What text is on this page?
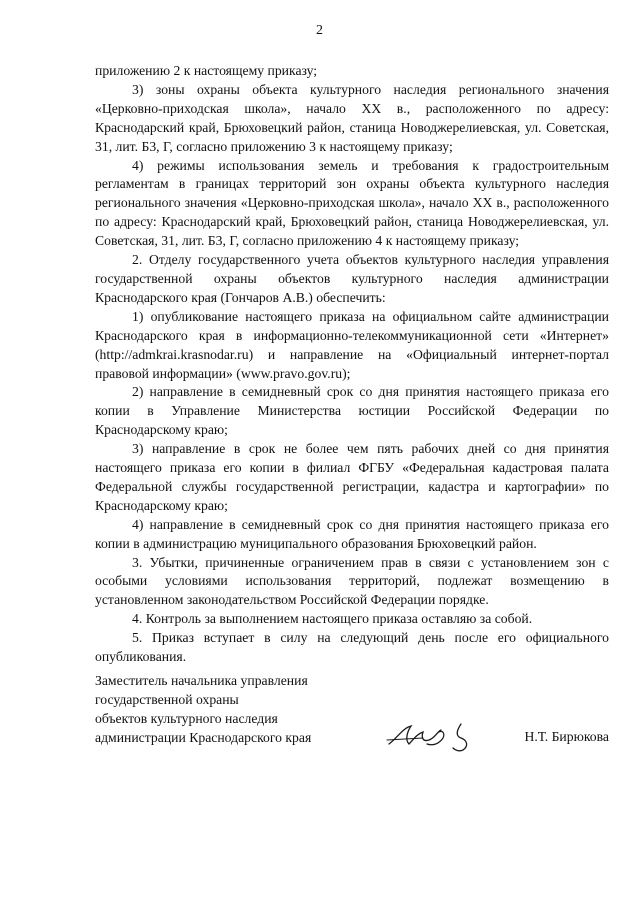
2

приложению 2 к настоящему приказу;

3) зоны охраны объекта культурного наследия регионального значения «Церковно-приходская школа», начало XX в., расположенного по адресу: Краснодарский край, Брюховецкий район, станица Новоджерелиевская, ул. Советская, 31, лит. Б3, Г, согласно приложению 3 к настоящему приказу;

4) режимы использования земель и требования к градостроительным регламентам в границах территорий зон охраны объекта культурного наследия регионального значения «Церковно-приходская школа», начало XX в., расположенного по адресу: Краснодарский край, Брюховецкий район, станица Новоджерелиевская, ул. Советская, 31, лит. Б3, Г, согласно приложению 4 к настоящему приказу;

2. Отделу государственного учета объектов культурного наследия управления государственной охраны объектов культурного наследия администрации Краснодарского края (Гончаров А.В.) обеспечить:

1) опубликование настоящего приказа на официальном сайте администрации Краснодарского края в информационно-телекоммуникационной сети «Интернет» (http://admkrai.krasnodar.ru) и направление на «Официальный интернет-портал правовой информации» (www.pravo.gov.ru);

2) направление в семидневный срок со дня принятия настоящего приказа его копии в Управление Министерства юстиции Российской Федерации по Краснодарскому краю;

3) направление в срок не более чем пять рабочих дней со дня принятия настоящего приказа его копии в филиал ФГБУ «Федеральная кадастровая палата Федеральной службы государственной регистрации, кадастра и картографии» по Краснодарскому краю;

4) направление в семидневный срок со дня принятия настоящего приказа его копии в администрацию муниципального образования Брюховецкий район.

3. Убытки, причиненные ограничением прав в связи с установлением зон с особыми условиями использования территорий, подлежат возмещению в установленном законодательством Российской Федерации порядке.

4. Контроль за выполнением настоящего приказа оставляю за собой.

5. Приказ вступает в силу на следующий день после его официального опубликования.

Заместитель начальника управления
государственной охраны
объектов культурного наследия
администрации Краснодарского края	Н.Т. Бирюкова
